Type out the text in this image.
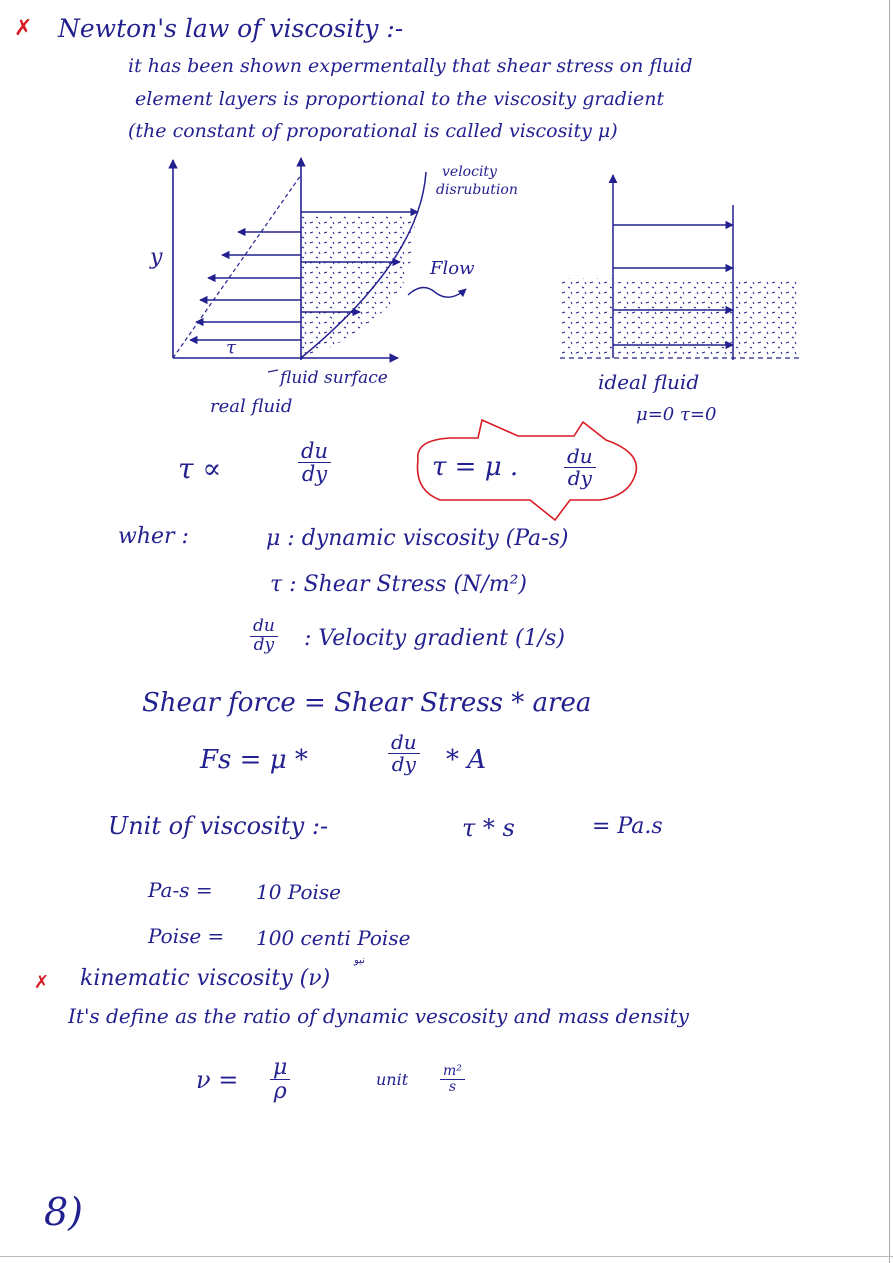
✗ Newton's law of viscosity :-
it has been shown expermentally that shear stress on fluid
element layers is proportional to the viscosity gradient
(the constant of proporational is called viscosity μ)
y
τ
velocity
disrubution
Flow
fluid surface
real fluid
ideal fluid
μ=0 τ=0
τ ∝	$\frac{du}{dy}$	τ = μ . $\frac{du}{dy}$
wher :	μ : dynamic viscosity (Pa-s)
τ : Shear Stress (N/m²)
$\frac{du}{dy}$ : Velocity gradient (1/s)
Shear force = Shear Stress * area
Fs = μ *	$\frac{du}{dy}$ * A
Unit of viscosity :-	τ * s	= Pa.s
Pa-s = 10 Poise
Poise = 100 centi Poise
✗
نيو
kinematic viscosity (ν)
It's define as the ratio of dynamic vescosity and mass density
$\nu = \frac{\mu}{\rho}$	unit $\frac{\text{m²}}{s}$
8)
